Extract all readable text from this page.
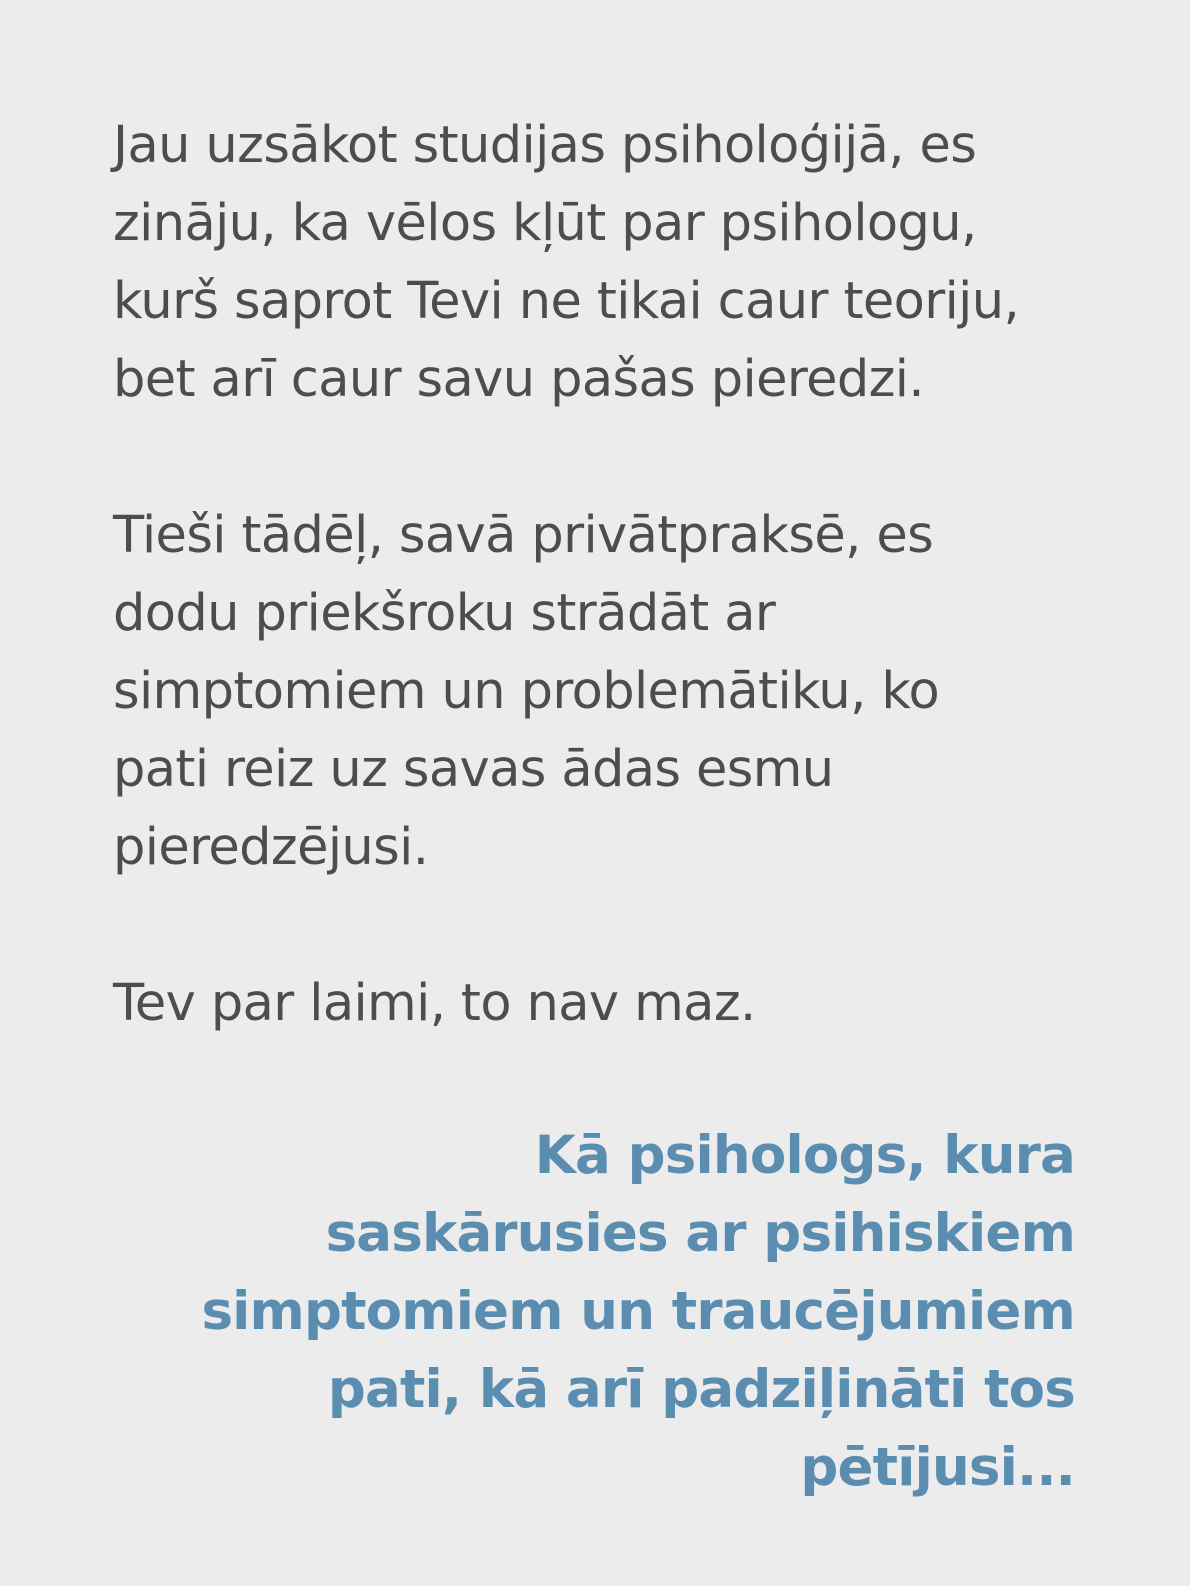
Jau uzsākot studijas psiholoģijā, es
zināju, ka vēlos kļūt par psihologu,
kurš saprot Tevi ne tikai caur teoriju,
bet arī caur savu pašas pieredzi.

Tieši tādēļ, savā privātpraksē, es
dodu priekšroku strādāt ar
simptomiem un problemātiku, ko
pati reiz uz savas ādas esmu
pieredzējusi.

Tev par laimi, to nav maz.

Kā psihologs, kura
saskārusies ar psihiskiem
simptomiem un traucējumiem
pati, kā arī padziļināti tos
pētījusi...
